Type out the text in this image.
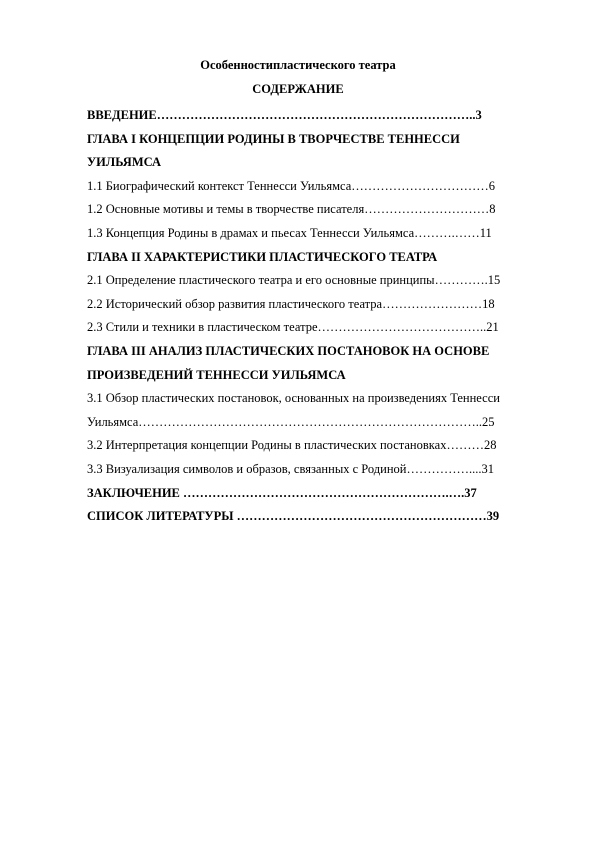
Особенностипластического театра
СОДЕРЖАНИЕ
ВВЕДЕНИЕ…………………………………………………………………..3
ГЛАВА I КОНЦЕПЦИИ РОДИНЫ В ТВОРЧЕСТВЕ ТЕННЕССИ
УИЛЬЯМСА
1.1 Биографический контекст Теннесси Уильямса……………………………6
1.2 Основные мотивы и темы в творчестве писателя…………………………8
1.3 Концепция Родины в драмах и пьесах Теннесси Уильямса……….……11
ГЛАВА II ХАРАКТЕРИСТИКИ ПЛАСТИЧЕСКОГО ТЕАТРА
2.1 Определение пластического театра и его основные принципы………….15
2.2 Исторический обзор развития пластического театра……………………18
2.3 Стили и техники в пластическом театре…………………………………..21
ГЛАВА III АНАЛИЗ ПЛАСТИЧЕСКИХ ПОСТАНОВОК НА ОСНОВЕ
ПРОИЗВЕДЕНИЙ ТЕННЕССИ УИЛЬЯМСА
3.1 Обзор пластических постановок, основанных на произведениях Теннесси
Уильямса………………………………………………………………………..25
3.2 Интерпретация концепции Родины в пластических постановках………28
3.3 Визуализация символов и образов, связанных с Родиной……………....31
ЗАКЛЮЧЕНИЕ ……………………………………………………….….37
СПИСОК ЛИТЕРАТУРЫ ……………………………………………………39
